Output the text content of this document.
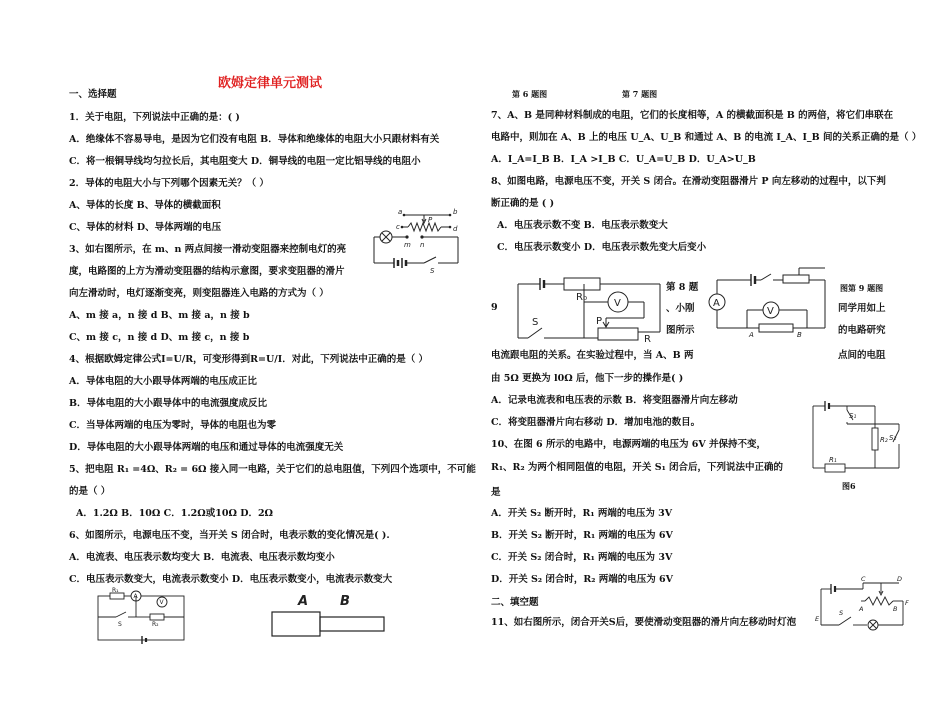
欧姆定律单元测试
一、选择题
1．关于电阻，下列说法中正确的是：( )
A．绝缘体不容易导电，是因为它们没有电阻 B．导体和绝缘体的电阻大小只跟材料有关
C．将一根铜导线均匀拉长后，其电阻变大 D．铜导线的电阻一定比铝导线的电阻小
2．导体的电阻大小与下列哪个因素无关？（ ）
A、导体的长度 B、导体的横截面积
C、导体的材料 D、导体两端的电压
3、如右图所示，在 m、n 两点间接一滑动变阻器来控制电灯的亮
度，电路图的上方为滑动变阻器的结构示意图，要求变阻器的滑片
向左滑动时，电灯逐渐变亮，则变阻器连入电路的方式为（ ）
A、m 接 a，n 接 d B、m 接 a，n 接 b
C、m 接 c，n 接 d D、m 接 c，n 接 b
4、根据欧姆定律公式I=U/R，可变形得到R=U/I．对此，下列说法中正确的是（ ）
A．导体电阻的大小跟导体两端的电压成正比
B．导体电阻的大小跟导体中的电流强度成反比
C．当导体两端的电压为零时，导体的电阻也为零
D．导体电阻的大小跟导体两端的电压和通过导体的电流强度无关
5、把电阻 R₁ =4Ω、R₂ = 6Ω 接入同一电路，关于它们的总电阻值，下列四个选项中，不可能
的是（ ）
A．1.2Ω B．10Ω C．1.2Ω或10Ω D．2Ω
6、如图所示，电源电压不变，当开关 S 闭合时，电表示数的变化情况是( ).
A．电流表、电压表示数均变大 B．电流表、电压表示数均变小
C．电压表示数变大，电流表示数变小 D．电压表示数变小，电流表示数变大
a	b
c	d
P
m n
S
R₁
A
V
R₂
S
A B
第 6 题图	第 7 题图
7、A、B 是同种材料制成的电阻，它们的长度相等，A 的横截面积是 B 的两倍，将它们串联在
电路中，则加在 A、B 上的电压 U_A、U_B 和通过 A、B 的电流 I_A、I_B 间的关系正确的是（ ）
A．I_A=I_B B．I_A >I_B C．U_A=U_B D．U_A>U_B
8、如图电路，电源电压不变，开关 S 闭合。在滑动变阻器滑片 P 向左移动的过程中，以下判
断正确的是 ( )
A．电压表示数不变 B．电压表示数变大
C．电压表示数变小 D．电压表示数先变大后变小
9
第 8 题
、小刚
图所示
图第 9 题图
同学用如上
的电路研究
点间的电阻
电流跟电阻的关系。在实验过程中，当 A、B 两
由 5Ω 更换为 l0Ω 后，他下一步的操作是( )
A．记录电流表和电压表的示数 B．将变阻器滑片向左移动
C．将变阻器滑片向右移动 D．增加电池的数目。
10、在图 6 所示的电路中，电源两端的电压为 6V 并保持不变，
R₁、R₂ 为两个相同阻值的电阻，开关 S₁ 闭合后，下列说法中正确的
是
A．开关 S₂ 断开时，R₁ 两端的电压为 3V
B．开关 S₂ 断开时，R₁ 两端的电压为 6V
C．开关 S₂ 闭合时，R₁ 两端的电压为 3V
D．开关 S₂ 闭合时，R₂ 两端的电压为 6V
二、填空题
11、如右图所示，闭合开关S后，要使滑动变阻器的滑片向左移动时灯泡
图6
R₀
V
S	P
R
A
V
A	B
S₁
R₂ S₂
R₁
C	D
S A	B
F
E
